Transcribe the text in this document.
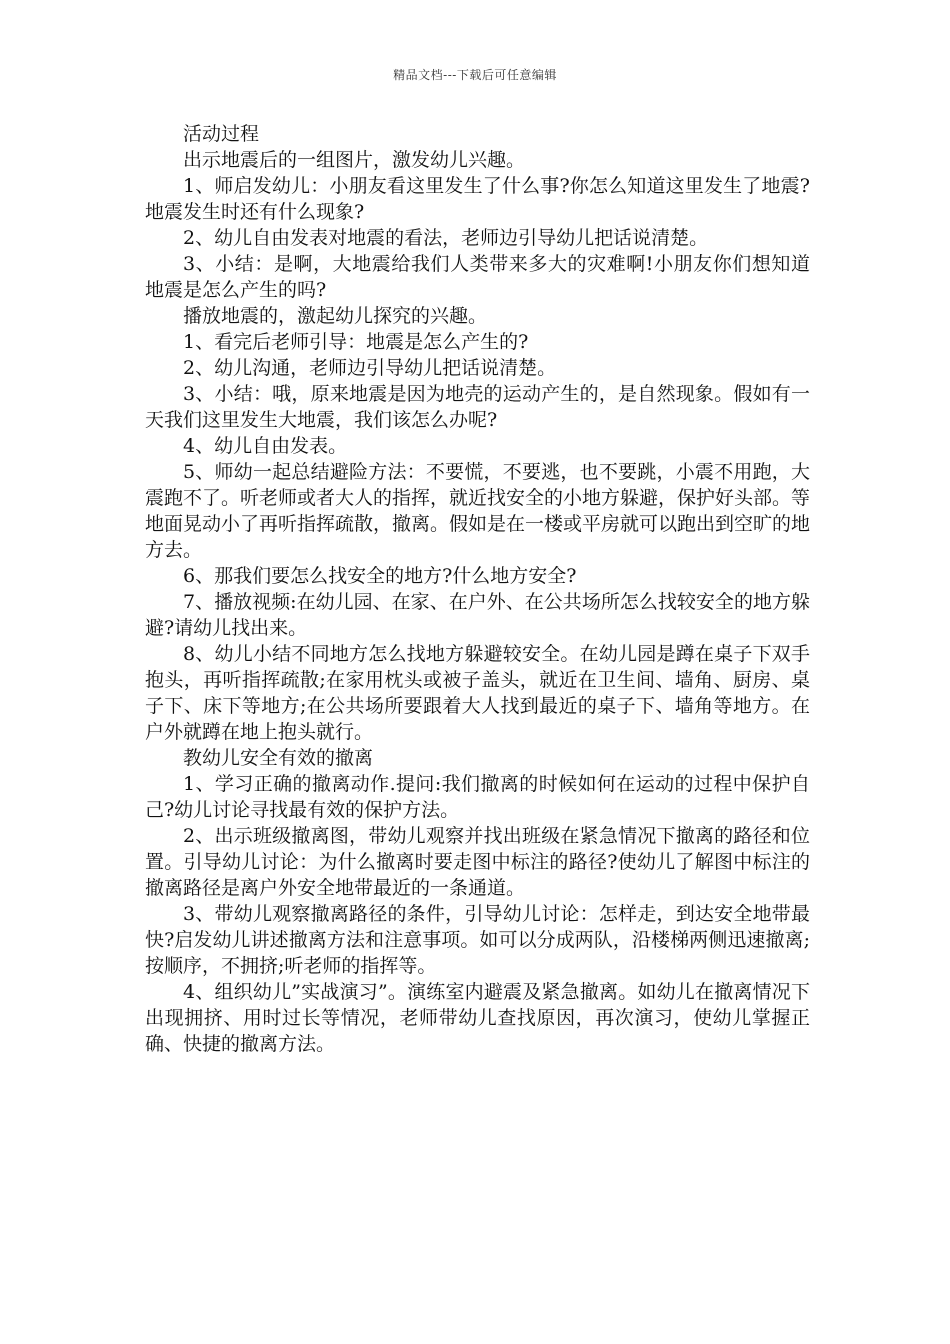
精品文档---下载后可任意编辑

活动过程

出示地震后的一组图片，激发幼儿兴趣。

1、师启发幼儿：小朋友看这里发生了什么事?你怎么知道这里发生了地震?地震发生时还有什么现象?

2、幼儿自由发表对地震的看法，老师边引导幼儿把话说清楚。

3、小结：是啊，大地震给我们人类带来多大的灾难啊!小朋友你们想知道地震是怎么产生的吗?

播放地震的，激起幼儿探究的兴趣。

1、看完后老师引导：地震是怎么产生的?

2、幼儿沟通，老师边引导幼儿把话说清楚。

3、小结：哦，原来地震是因为地壳的运动产生的，是自然现象。假如有一天我们这里发生大地震，我们该怎么办呢?

4、幼儿自由发表。

5、师幼一起总结避险方法：不要慌，不要逃，也不要跳，小震不用跑，大震跑不了。听老师或者大人的指挥，就近找安全的小地方躲避，保护好头部。等地面晃动小了再听指挥疏散，撤离。假如是在一楼或平房就可以跑出到空旷的地方去。

6、那我们要怎么找安全的地方?什么地方安全?

7、播放视频:在幼儿园、在家、在户外、在公共场所怎么找较安全的地方躲避?请幼儿找出来。

8、幼儿小结不同地方怎么找地方躲避较安全。在幼儿园是蹲在桌子下双手抱头，再听指挥疏散;在家用枕头或被子盖头，就近在卫生间、墙角、厨房、桌子下、床下等地方;在公共场所要跟着大人找到最近的桌子下、墙角等地方。在户外就蹲在地上抱头就行。

教幼儿安全有效的撤离

1、学习正确的撤离动作.提问:我们撤离的时候如何在运动的过程中保护自己?幼儿讨论寻找最有效的保护方法。

2、出示班级撤离图，带幼儿观察并找出班级在紧急情况下撤离的路径和位置。引导幼儿讨论：为什么撤离时要走图中标注的路径?使幼儿了解图中标注的撤离路径是离户外安全地带最近的一条通道。

3、带幼儿观察撤离路径的条件，引导幼儿讨论：怎样走，到达安全地带最快?启发幼儿讲述撤离方法和注意事项。如可以分成两队，沿楼梯两侧迅速撤离;按顺序，不拥挤;听老师的指挥等。

4、组织幼儿”实战演习”。演练室内避震及紧急撤离。如幼儿在撤离情况下出现拥挤、用时过长等情况，老师带幼儿查找原因，再次演习，使幼儿掌握正确、快捷的撤离方法。
